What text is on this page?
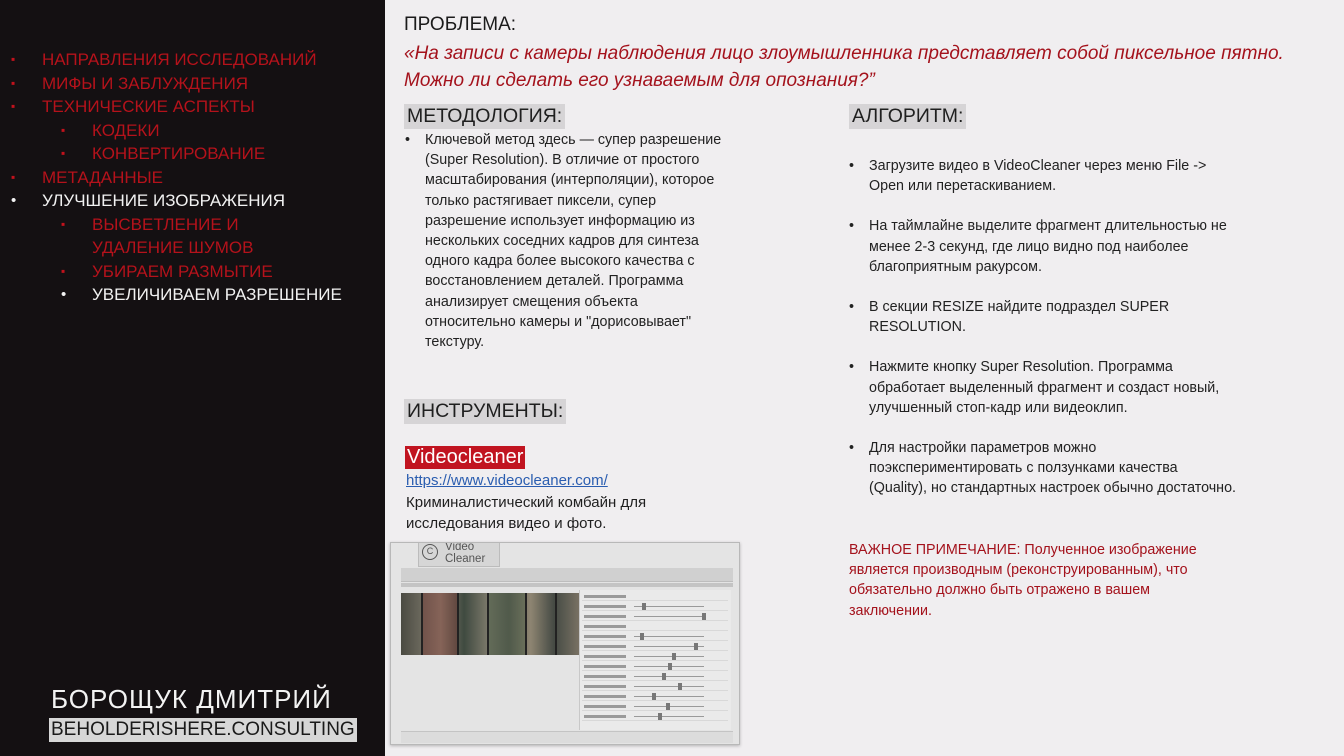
▪ НАПРАВЛЕНИЯ ИССЛЕДОВАНИЙ
▪ МИФЫ И ЗАБЛУЖДЕНИЯ
▪ ТЕХНИЧЕСКИЕ АСПЕКТЫ
▪ КОДЕКИ
▪ КОНВЕРТИРОВАНИЕ
▪ МЕТАДАННЫЕ
• УЛУЧШЕНИЕ ИЗОБРАЖЕНИЯ
▪ ВЫСВЕТЛЕНИЕ И УДАЛЕНИЕ ШУМОВ
▪ УБИРАЕМ РАЗМЫТИЕ
• УВЕЛИЧИВАЕМ РАЗРЕШЕНИЕ
БОРОЩУК ДМИТРИЙ
BEHOLDERISHERE.CONSULTING
ПРОБЛЕМА:
«На записи с камеры наблюдения лицо злоумышленника представляет собой пиксельное пятно. Можно ли сделать его узнаваемым для опознания?”
МЕТОДОЛОГИЯ:
• Ключевой метод здесь — супер разрешение (Super Resolution). В отличие от простого масштабирования (интерполяции), которое только растягивает пиксели, супер разрешение использует информацию из нескольких соседних кадров для синтеза одного кадра более высокого качества с восстановлением деталей. Программа анализирует смещения объекта относительно камеры и "дорисовывает" текстуру.
ИНСТРУМЕНТЫ:
Videocleaner
https://www.videocleaner.com/
Криминалистический комбайн для исследования видео и фото.
АЛГОРИТМ:
• Загрузите видео в VideoCleaner через меню File -> Open или перетаскиванием.
• На таймлайне выделите фрагмент длительностью не менее 2-3 секунд, где лицо видно под наиболее благоприятным ракурсом.
• В секции RESIZE найдите подраздел SUPER RESOLUTION.
• Нажмите кнопку Super Resolution. Программа обработает выделенный фрагмент и создаст новый, улучшенный стоп-кадр или видеоклип.
• Для настройки параметров можно поэкспериментировать с ползунками качества (Quality), но стандартных настроек обычно достаточно.
ВАЖНОЕ ПРИМЕЧАНИЕ: Полученное изображение является производным (реконструированным), что обязательно должно быть отражено в вашем заключении.
C	Video
Cleaner
